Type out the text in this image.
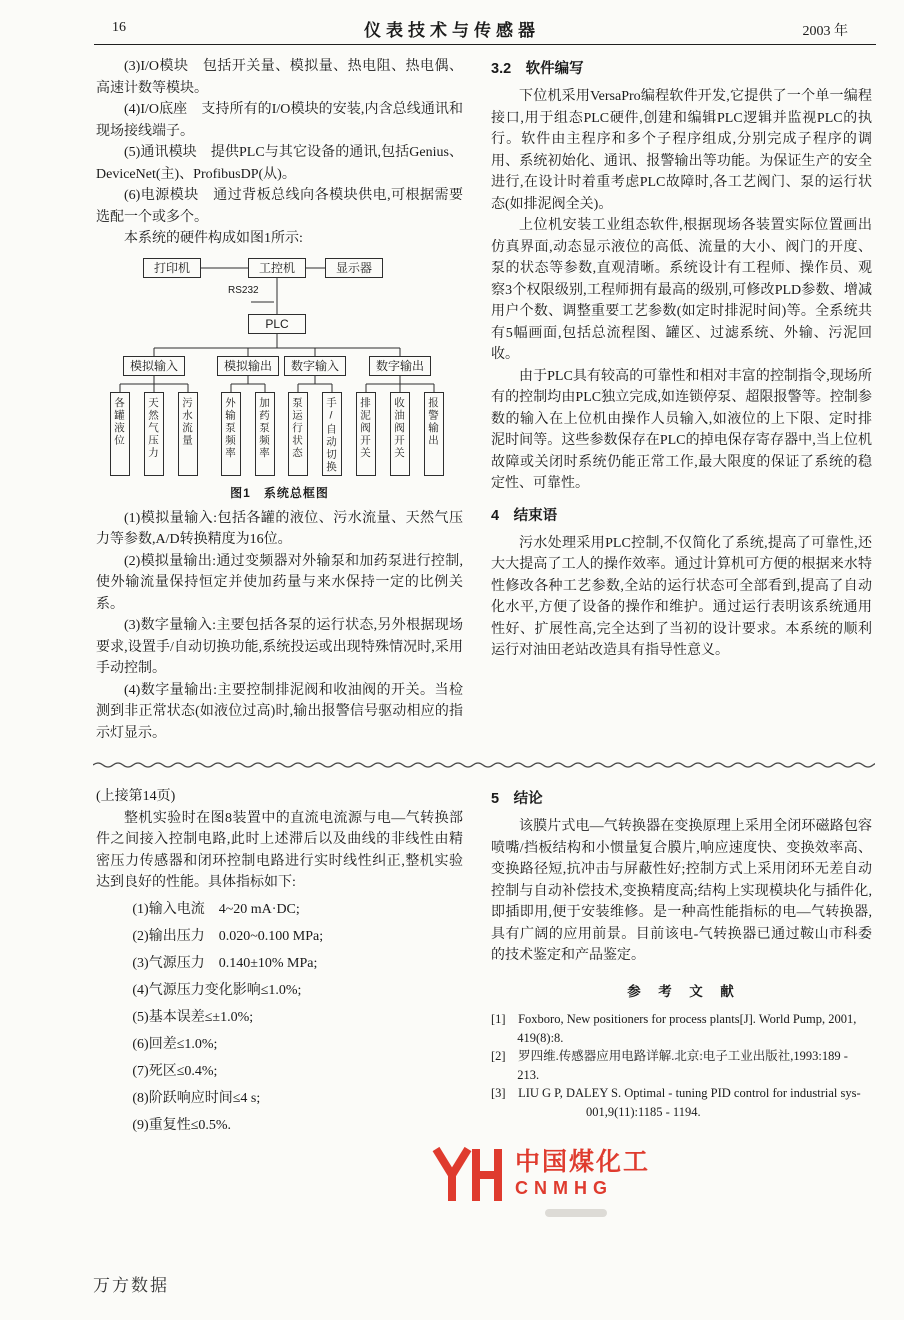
16	仪表技术与传感器	2003 年

(3)I/O模块　包括开关量、模拟量、热电阻、热电偶、高速计数等模块。

(4)I/O底座　支持所有的I/O模块的安装,内含总线通讯和现场接线端子。

(5)通讯模块　提供PLC与其它设备的通讯,包括Genius、DeviceNet(主)、ProfibusDP(从)。

(6)电源模块　通过背板总线向各模块供电,可根据需要选配一个或多个。

本系统的硬件构成如图1所示:

打印机	工控机	显示器
RS232
PLC
模拟输入	模拟输出	数字输入	数字输出
各罐液位	天然气压力	污水流量	外输泵频率	加药泵频率	泵运行状态	手/自动切换	排泥阀开关	收油阀开关	报警输出
图1　系统总框图

(1)模拟量输入:包括各罐的液位、污水流量、天然气压力等参数,A/D转换精度为16位。

(2)模拟量输出:通过变频器对外输泵和加药泵进行控制,使外输流量保持恒定并使加药量与来水保持一定的比例关系。

(3)数字量输入:主要包括各泵的运行状态,另外根据现场要求,设置手/自动切换功能,系统投运或出现特殊情况时,采用手动控制。

(4)数字量输出:主要控制排泥阀和收油阀的开关。当检测到非正常状态(如液位过高)时,输出报警信号驱动相应的指示灯显示。

3.2　软件编写

下位机采用VersaPro编程软件开发,它提供了一个单一编程接口,用于组态PLC硬件,创建和编辑PLC逻辑并监视PLC的执行。软件由主程序和多个子程序组成,分别完成子程序的调用、系统初始化、通讯、报警输出等功能。为保证生产的安全进行,在设计时着重考虑PLC故障时,各工艺阀门、泵的运行状态(如排泥阀全关)。

上位机安装工业组态软件,根据现场各装置实际位置画出仿真界面,动态显示液位的高低、流量的大小、阀门的开度、泵的状态等参数,直观清晰。系统设计有工程师、操作员、观察3个权限级别,工程师拥有最高的级别,可修改PLD参数、增减用户个数、调整重要工艺参数(如定时排泥时间)等。全系统共有5幅画面,包括总流程图、罐区、过滤系统、外输、污泥回收。

由于PLC具有较高的可靠性和相对丰富的控制指令,现场所有的控制均由PLC独立完成,如连锁停泵、超限报警等。控制参数的输入在上位机由操作人员输入,如液位的上下限、定时排泥时间等。这些参数保存在PLC的掉电保存寄存器中,当上位机故障或关闭时系统仍能正常工作,最大限度的保证了系统的稳定性、可靠性。

4　结束语

污水处理采用PLC控制,不仅简化了系统,提高了可靠性,还大大提高了工人的操作效率。通过计算机可方便的根据来水特性修改各种工艺参数,全站的运行状态可全部看到,提高了自动化水平,方便了设备的操作和维护。通过运行表明该系统通用性好、扩展性高,完全达到了当初的设计要求。本系统的顺利运行对油田老站改造具有指导性意义。

(上接第14页)

整机实验时在图8装置中的直流电流源与电—气转换部件之间接入控制电路,此时上述滞后以及曲线的非线性由精密压力传感器和闭环控制电路进行实时线性纠正,整机实验达到良好的性能。具体指标如下:

(1)输入电流　4~20 mA·DC;
(2)输出压力　0.020~0.100 MPa;
(3)气源压力　0.140±10% MPa;
(4)气源压力变化影响≤1.0%;
(5)基本误差≤±1.0%;
(6)回差≤1.0%;
(7)死区≤0.4%;
(8)阶跃响应时间≤4 s;
(9)重复性≤0.5%.
5　结论

该膜片式电—气转换器在变换原理上采用全闭环磁路包容喷嘴/挡板结构和小惯量复合膜片,响应速度快、变换效率高、变换路径短,抗冲击与屏蔽性好;控制方式上采用闭环无差自动控制与自动补偿技术,变换精度高;结构上实现模块化与插件化,即插即用,便于安装维修。是一种高性能指标的电—气转换器,具有广阔的应用前景。目前该电-气转换器已通过鞍山市科委的技术鉴定和产品鉴定。

参　考　文　献

[1]　Foxboro, New positioners for process plants[J]. World Pump, 2001, 419(8):8.

[2]　罗四维.传感器应用电路详解.北京:电子工业出版社,1993:189 - 213.

[3]　LIU G P, DALEY S. Optimal - tuning PID control for industrial sys-

001,9(11):1185 - 1194.

中国煤化工
CNMHG
万方数据
